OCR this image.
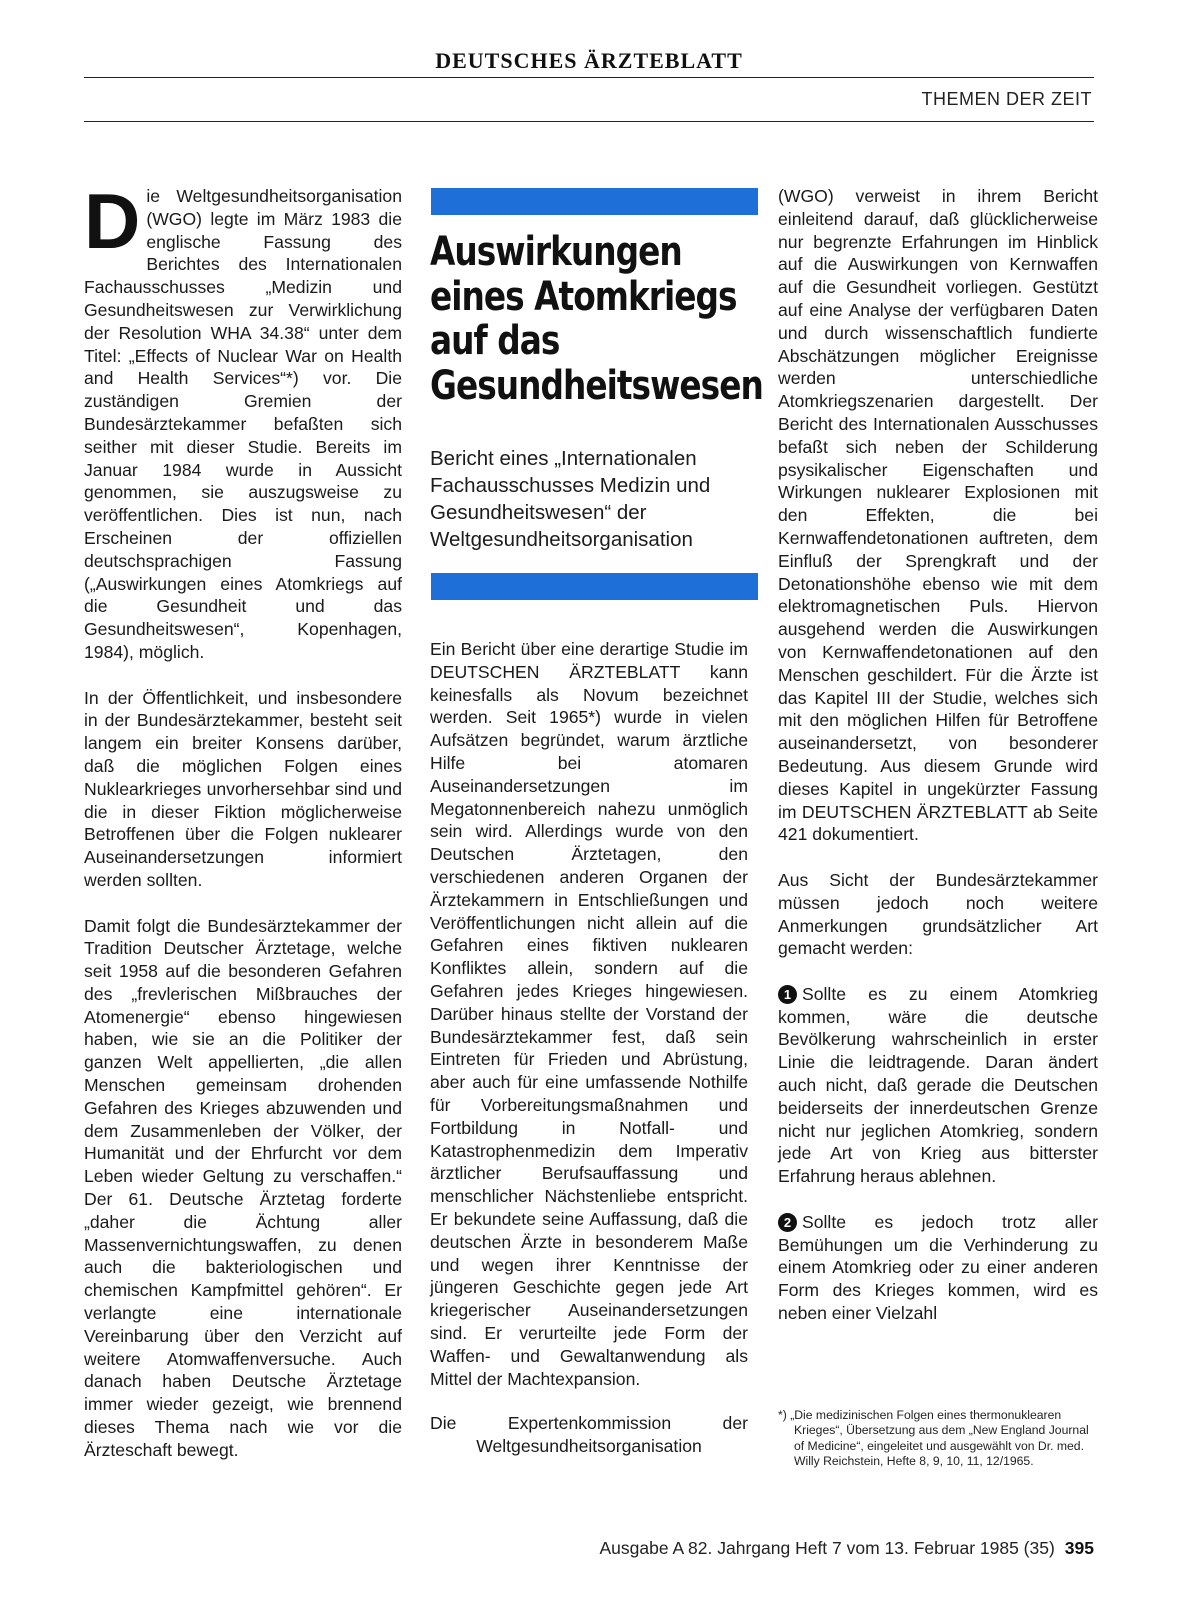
DEUTSCHES ÄRZTEBLATT
THEMEN DER ZEIT

Die Weltgesundheitsorganisation (WGO) legte im März 1983 die englische Fassung des Berichtes des Internationalen Fachausschusses „Medizin und Gesundheitswesen zur Verwirklichung der Resolution WHA 34.38“ unter dem Titel: „Effects of Nuclear War on Health and Health Services“*) vor. Die zuständigen Gremien der Bundesärztekammer befaßten sich seither mit dieser Studie. Bereits im Januar 1984 wurde in Aussicht genommen, sie auszugsweise zu veröffentlichen. Dies ist nun, nach Erscheinen der offiziellen deutschsprachigen Fassung („Auswirkungen eines Atomkriegs auf die Gesundheit und das Gesundheitswesen“, Kopenhagen, 1984), möglich.

In der Öffentlichkeit, und insbesondere in der Bundesärztekammer, besteht seit langem ein breiter Konsens darüber, daß die möglichen Folgen eines Nuklearkrieges unvorhersehbar sind und die in dieser Fiktion möglicherweise Betroffenen über die Folgen nuklearer Auseinandersetzungen informiert werden sollten.

Damit folgt die Bundesärztekammer der Tradition Deutscher Ärztetage, welche seit 1958 auf die besonderen Gefahren des „frevlerischen Mißbrauches der Atomenergie“ ebenso hingewiesen haben, wie sie an die Politiker der ganzen Welt appellierten, „die allen Menschen gemeinsam drohenden Gefahren des Krieges abzuwenden und dem Zusammenleben der Völker, der Humanität und der Ehrfurcht vor dem Leben wieder Geltung zu verschaffen.“ Der 61. Deutsche Ärztetag forderte „daher die Ächtung aller Massenvernichtungswaffen, zu denen auch die bakteriologischen und chemischen Kampfmittel gehören“. Er verlangte eine internationale Vereinbarung über den Verzicht auf weitere Atomwaffenversuche. Auch danach haben Deutsche Ärztetage immer wieder gezeigt, wie brennend dieses Thema nach wie vor die Ärzteschaft bewegt.

Auswirkungen
eines Atomkriegs
auf das
Gesundheitswesen
Bericht eines „Internationalen Fachausschusses Medizin und Gesundheitswesen“ der Weltgesundheitsorganisation

Ein Bericht über eine derartige Studie im DEUTSCHEN ÄRZTEBLATT kann keinesfalls als Novum bezeichnet werden. Seit 1965*) wurde in vielen Aufsätzen begründet, warum ärztliche Hilfe bei atomaren Auseinandersetzungen im Megatonnenbereich nahezu unmöglich sein wird. Allerdings wurde von den Deutschen Ärztetagen, den verschiedenen anderen Organen der Ärztekammern in Entschließungen und Veröffentlichungen nicht allein auf die Gefahren eines fiktiven nuklearen Konfliktes allein, sondern auf die Gefahren jedes Krieges hingewiesen. Darüber hinaus stellte der Vorstand der Bundesärztekammer fest, daß sein Eintreten für Frieden und Abrüstung, aber auch für eine umfassende Nothilfe für Vorbereitungsmaßnahmen und Fortbildung in Notfall- und Katastrophenmedizin dem Imperativ ärztlicher Berufsauffassung und menschlicher Nächstenliebe entspricht. Er bekundete seine Auffassung, daß die deutschen Ärzte in besonderem Maße und wegen ihrer Kenntnisse der jüngeren Geschichte gegen jede Art kriegerischer Auseinandersetzungen sind. Er verurteilte jede Form der Waffen- und Gewaltanwendung als Mittel der Machtexpansion.

Die Expertenkommission der Weltgesundheitsorganisation

(WGO) verweist in ihrem Bericht einleitend darauf, daß glücklicherweise nur begrenzte Erfahrungen im Hinblick auf die Auswirkungen von Kernwaffen auf die Gesundheit vorliegen. Gestützt auf eine Analyse der verfügbaren Daten und durch wissenschaftlich fundierte Abschätzungen möglicher Ereignisse werden unterschiedliche Atomkriegszenarien dargestellt. Der Bericht des Internationalen Ausschusses befaßt sich neben der Schilderung psysikalischer Eigenschaften und Wirkungen nuklearer Explosionen mit den Effekten, die bei Kernwaffendetonationen auftreten, dem Einfluß der Sprengkraft und der Detonationshöhe ebenso wie mit dem elektromagnetischen Puls. Hiervon ausgehend werden die Auswirkungen von Kernwaffendetonationen auf den Menschen geschildert. Für die Ärzte ist das Kapitel III der Studie, welches sich mit den möglichen Hilfen für Betroffene auseinandersetzt, von besonderer Bedeutung. Aus diesem Grunde wird dieses Kapitel in ungekürzter Fassung im DEUTSCHEN ÄRZTEBLATT ab Seite 421 dokumentiert.

Aus Sicht der Bundesärztekammer müssen jedoch noch weitere Anmerkungen grundsätzlicher Art gemacht werden:

1 Sollte es zu einem Atomkrieg kommen, wäre die deutsche Bevölkerung wahrscheinlich in erster Linie die leidtragende. Daran ändert auch nicht, daß gerade die Deutschen beiderseits der innerdeutschen Grenze nicht nur jeglichen Atomkrieg, sondern jede Art von Krieg aus bitterster Erfahrung heraus ablehnen.

2 Sollte es jedoch trotz aller Bemühungen um die Verhinderung zu einem Atomkrieg oder zu einer anderen Form des Krieges kommen, wird es neben einer Vielzahl

*) „Die medizinischen Folgen eines thermonuklearen Krieges“, Übersetzung aus dem „New England Journal of Medicine“, eingeleitet und ausgewählt von Dr. med. Willy Reichstein, Hefte 8, 9, 10, 11, 12/1965.
Ausgabe A 82. Jahrgang Heft 7 vom 13. Februar 1985 (35) 395
